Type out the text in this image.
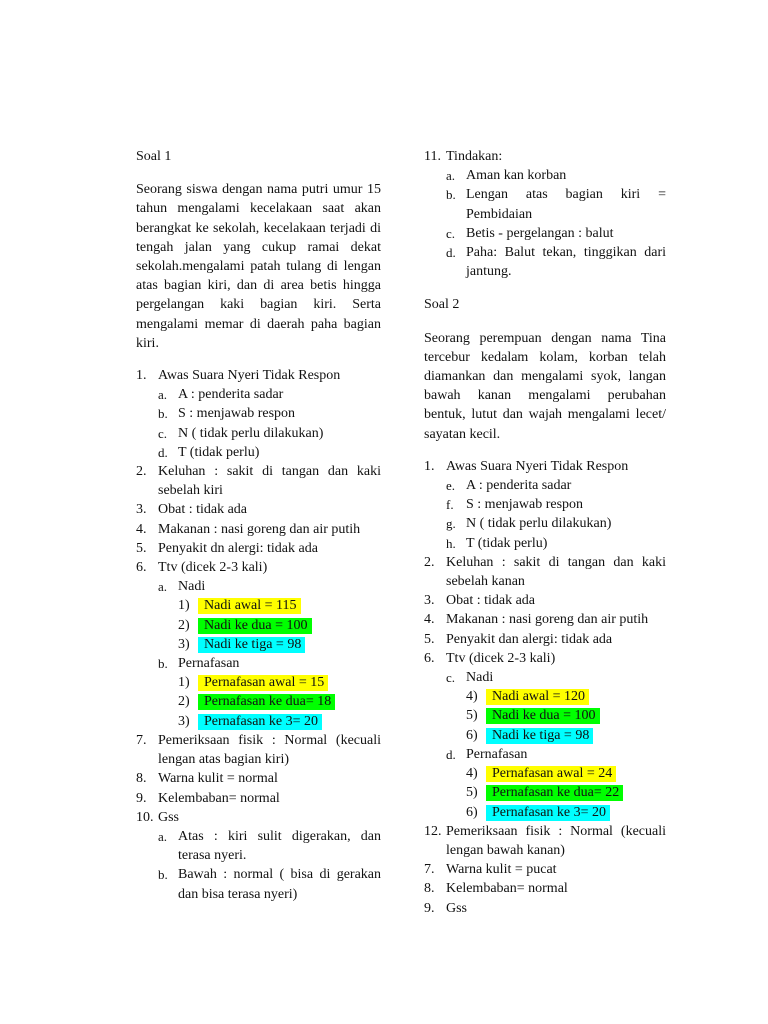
Soal 1

Seorang siswa dengan nama putri umur 15 tahun mengalami kecelakaan saat akan berangkat ke sekolah, kecelakaan terjadi di tengah jalan yang cukup ramai dekat sekolah.mengalami patah tulang di lengan atas bagian kiri, dan di area betis hingga pergelangan kaki bagian kiri. Serta mengalami memar di daerah paha bagian kiri.

1. Awas Suara Nyeri Tidak Respon
a. A : penderita sadar
b. S : menjawab respon
c. N ( tidak perlu dilakukan)
d. T (tidak perlu)
2. Keluhan : sakit di tangan dan kaki sebelah kiri
3. Obat : tidak ada
4. Makanan : nasi goreng dan air putih
5. Penyakit dn alergi: tidak ada
6. Ttv (dicek 2-3 kali)
a. Nadi
1)	Nadi awal = 115
2)	Nadi ke dua = 100
3)	Nadi ke tiga = 98
b. Pernafasan
1)	Pernafasan awal = 15
2)	Pernafasan ke dua= 18
3)	Pernafasan ke 3= 20
7. Pemeriksaan fisik : Normal (kecuali lengan atas bagian kiri)
8. Warna kulit = normal
9. Kelembaban= normal
10. Gss
a. Atas : kiri sulit digerakan, dan terasa nyeri.
b. Bawah : normal ( bisa di gerakan dan bisa terasa nyeri)
11. Tindakan:
a. Aman kan korban
b. Lengan atas bagian kiri = Pembidaian
c. Betis - pergelangan : balut
d. Paha: Balut tekan, tinggikan dari jantung.

Soal 2

Seorang perempuan dengan nama Tina tercebur kedalam kolam, korban telah diamankan dan mengalami syok, langan bawah kanan mengalami perubahan bentuk, lutut dan wajah mengalami lecet/ sayatan kecil.

1. Awas Suara Nyeri Tidak Respon
e. A : penderita sadar
f. S : menjawab respon
g. N ( tidak perlu dilakukan)
h. T (tidak perlu)
2. Keluhan : sakit di tangan dan kaki sebelah kanan
3. Obat : tidak ada
4. Makanan : nasi goreng dan air putih
5. Penyakit dan alergi: tidak ada
6. Ttv (dicek 2-3 kali)
c. Nadi
4)	Nadi awal = 120
5)	Nadi ke dua = 100
6)	Nadi ke tiga = 98
d. Pernafasan
4)	Pernafasan awal = 24
5)	Pernafasan ke dua= 22
6)	Pernafasan ke 3= 20
12. Pemeriksaan fisik : Normal (kecuali lengan bawah kanan)
7. Warna kulit = pucat
8. Kelembaban= normal
9. Gss
